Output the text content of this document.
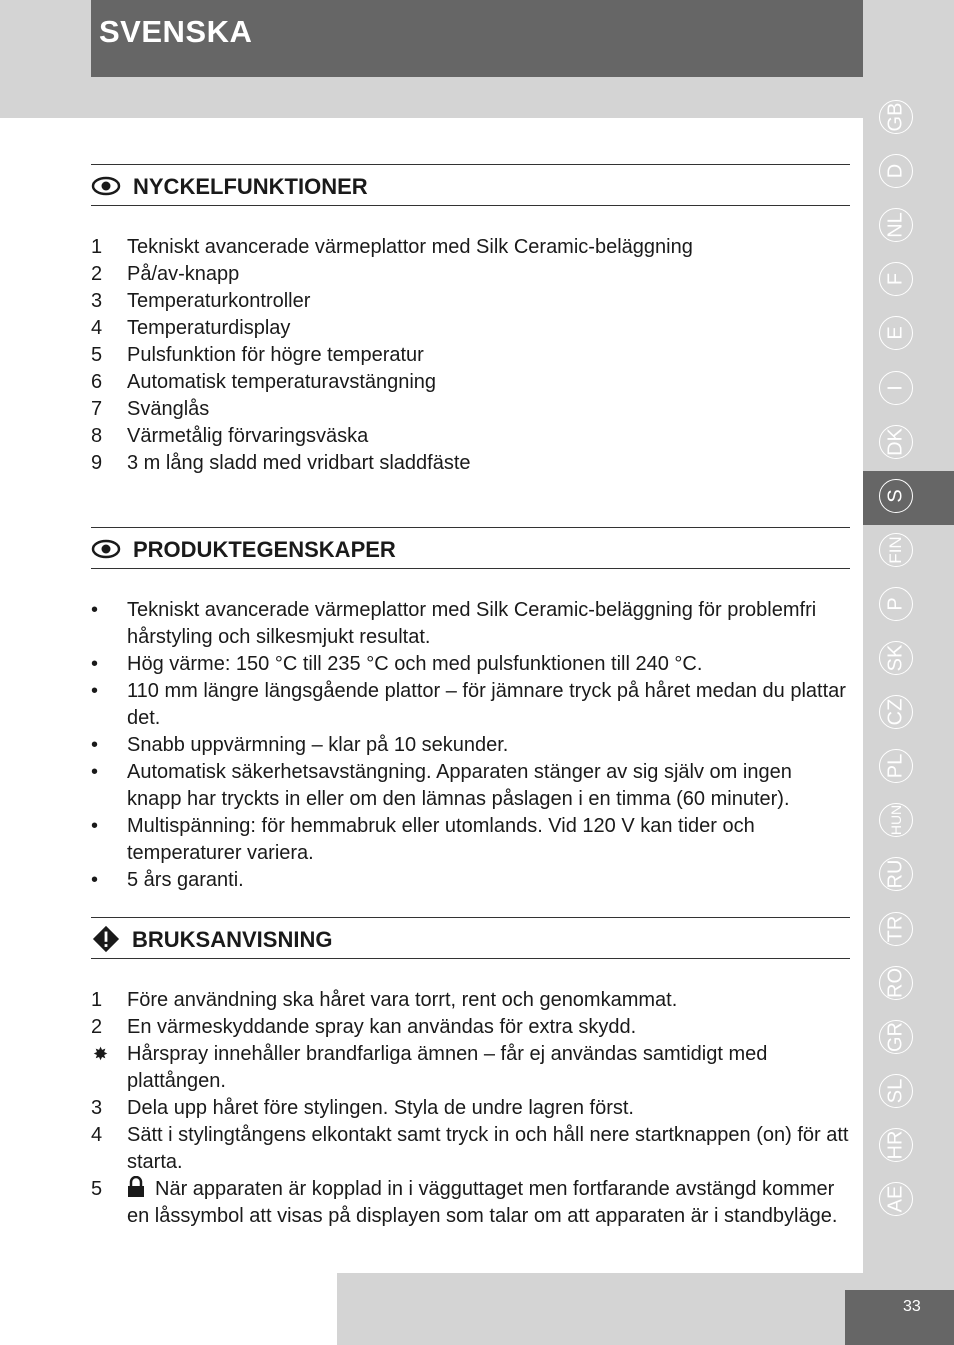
SVENSKA
NYCKELFUNKTIONER
1 Tekniskt avancerade värmeplattor med Silk Ceramic-beläggning
2 På/av-knapp
3 Temperaturkontroller
4 Temperaturdisplay
5 Pulsfunktion för högre temperatur
6 Automatisk temperaturavstängning
7 Svänglås
8 Värmetålig förvaringsväska
9 3 m lång sladd med vridbart sladdfäste
PRODUKTEGENSKAPER
• Tekniskt avancerade värmeplattor med Silk Ceramic-beläggning för problemfri hårstyling och silkesmjukt resultat.
• Hög värme: 150 °C till 235 °C och med pulsfunktionen till 240 °C.
• 110 mm längre längsgående plattor – för jämnare tryck på håret medan du plattar det.
• Snabb uppvärmning – klar på 10 sekunder.
• Automatisk säkerhetsavstängning. Apparaten stänger av sig själv om ingen knapp har tryckts in eller om den lämnas påslagen i en timma (60 minuter).
• Multispänning: för hemmabruk eller utomlands. Vid 120 V kan tider och temperaturer variera.
• 5 års garanti.
BRUKSANVISNING
1 Före användning ska håret vara torrt, rent och genomkammat.
2 En värmeskyddande spray kan användas för extra skydd.
✸ Hårspray innehåller brandfarliga ämnen – får ej användas samtidigt med plattången.
3 Dela upp håret före stylingen. Styla de undre lagren först.
4 Sätt i stylingtångens elkontakt samt tryck in och håll nere startknappen (on) för att starta.
5	När apparaten är kopplad in i vägguttaget men fortfarande avstängd kommer en låssymbol att visas på displayen som talar om att apparaten är i standbyläge.
GB
D
NL
F
E
I
DK
S
FIN
P
SK
CZ
PL
HUN
RU
TR
RO
GR
SL
HR
AE
33
